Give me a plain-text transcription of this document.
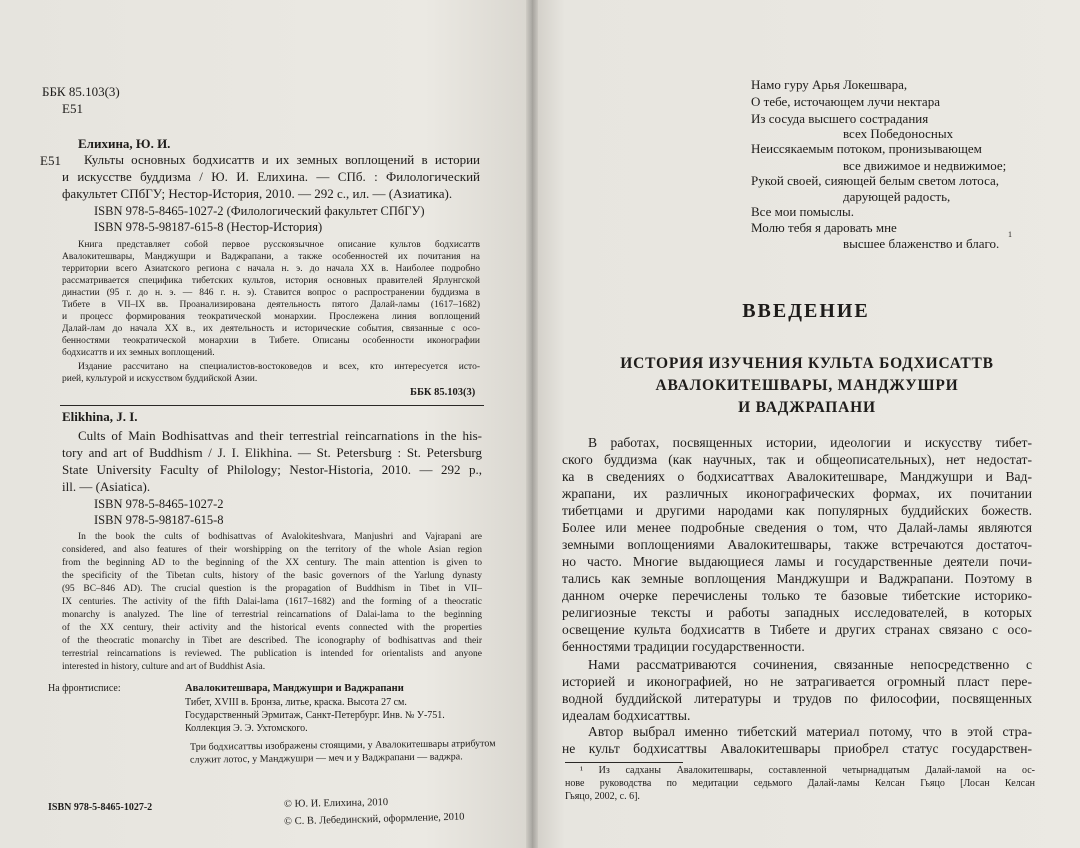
ББК 85.103(3)
Е51
Елихина, Ю. И.
Е51 Культы основных бодхисаттв и их земных воплощений в истории
и искусстве буддизма / Ю. И. Елихина. — СПб. : Филологический
факультет СПбГУ; Нестор-История, 2010. — 292 с., ил. — (Азиатика).
ISBN 978-5-8465-1027-2 (Филологический факультет СПбГУ)
ISBN 978-5-98187-615-8 (Нестор-История)
Книга представляет собой первое русскоязычное описание культов бодхисаттв
Авалокитешвары, Манджушри и Ваджрапани, а также особенностей их почитания на
территории всего Азиатского региона с начала н. э. до начала XX в. Наиболее подробно
рассматривается специфика тибетских культов, история основных правителей Ярлунгской
династии (95 г. до н. э. — 846 г. н. э). Ставится вопрос о распространении буддизма в
Тибете в VII–IX вв. Проанализирована деятельность пятого Далай-ламы (1617–1682)
и процесс формирования теократической монархии. Прослежена линия воплощений
Далай-лам до начала XX в., их деятельность и исторические события, связанные с осо-
бенностями теократической монархии в Тибете. Описаны особенности иконографии
бодхисаттв и их земных воплощений.
Издание рассчитано на специалистов-востоковедов и всех, кто интересуется исто-
рией, культурой и искусством буддийской Азии.
ББК 85.103(3)
Elikhina, J. I.
Cults of Main Bodhisattvas and their terrestrial reincarnations in the his-
tory and art of Buddhism / J. I. Elikhina. — St. Petersburg : St. Petersburg
State University Faculty of Philology; Nestor-Historia, 2010. — 292 p.,
ill. — (Asiatica).
ISBN 978-5-8465-1027-2
ISBN 978-5-98187-615-8
In the book the cults of bodhisattvas of Avalokiteshvara, Manjushri and Vajrapani are
considered, and also features of their worshipping on the territory of the whole Asian region
from the beginning AD to the beginning of the XX century. The main attention is given to
the specificity of the Tibetan cults, history of the basic governors of the Yarlung dynasty
(95 BC–846 AD). The crucial question is the propagation of Buddhism in Tibet in VII–
IX centuries. The activity of the fifth Dalai-lama (1617–1682) and the forming of a theocratic
monarchy is analyzed. The line of terrestrial reincarnations of Dalai-lama to the beginning
of the XX century, their activity and the historical events connected with the properties
of the theocratic monarchy in Tibet are described. The iconography of bodhisattvas and their
terrestrial reincarnations is reviewed. The publication is intended for orientalists and anyone
interested in history, culture and art of Buddhist Asia.
На фронтисписе:	Авалокитешвара, Манджушри и Ваджрапани
Тибет, XVIII в. Бронза, литье, краска. Высота 27 см.
Государственный Эрмитаж, Санкт-Петербург. Инв. № У-751.
Коллекция Э. Э. Ухтомского.
Три бодхисаттвы изображены стоящими, у Авалокитешвары атрибутом
служит лотос, у Манджушри — меч и у Ваджрапани — ваджра.
ISBN 978-5-8465-1027-2	© Ю. И. Елихина, 2010
© С. В. Лебединский, оформление, 2010
Намо гуру Арья Локешвара,
О тебе, источающем лучи нектара
Из сосуда высшего сострадания
всех Победоносных
Неиссякаемым потоком, пронизывающем
все движимое и недвижимое;
Рукой своей, сияющей белым светом лотоса,
дарующей радость,
Все мои помыслы.
Молю тебя я даровать мне
высшее блаженство и благо.
1
ВВЕДЕНИЕ
ИСТОРИЯ ИЗУЧЕНИЯ КУЛЬТА БОДХИСАТТВ
АВАЛОКИТЕШВАРЫ, МАНДЖУШРИ
И ВАДЖРАПАНИ
В работах, посвященных истории, идеологии и искусству тибет-
ского буддизма (как научных, так и общеописательных), нет недостат-
ка в сведениях о бодхисаттвах Авалокитешваре, Манджушри и Вад-
жрапани, их различных иконографических формах, их почитании
тибетцами и другими народами как популярных буддийских божеств.
Более или менее подробные сведения о том, что Далай-ламы являются
земными воплощениями Авалокитешвары, также встречаются достаточ-
но часто. Многие выдающиеся ламы и государственные деятели почи-
тались как земные воплощения Манджушри и Ваджрапани. Поэтому в
данном очерке перечислены только те базовые тибетские историко-
религиозные тексты и работы западных исследователей, в которых
освещение культа бодхисаттв в Тибете и других странах связано с осо-
бенностями традиции государственности.
Нами рассматриваются сочинения, связанные непосредственно с
историей и иконографией, но не затрагивается огромный пласт пере-
водной буддийской литературы и трудов по философии, посвященных
идеалам бодхисаттвы.
Автор выбрал именно тибетский материал потому, что в этой стра-
не культ бодхисаттвы Авалокитешвары приобрел статус государствен-
¹ Из садханы Авалокитешвары, составленной четырнадцатым Далай-ламой на ос-
нове руководства по медитации седьмого Далай-ламы Келсан Гьяцо [Лосан Келсан
Гьяцо, 2002, с. 6].
